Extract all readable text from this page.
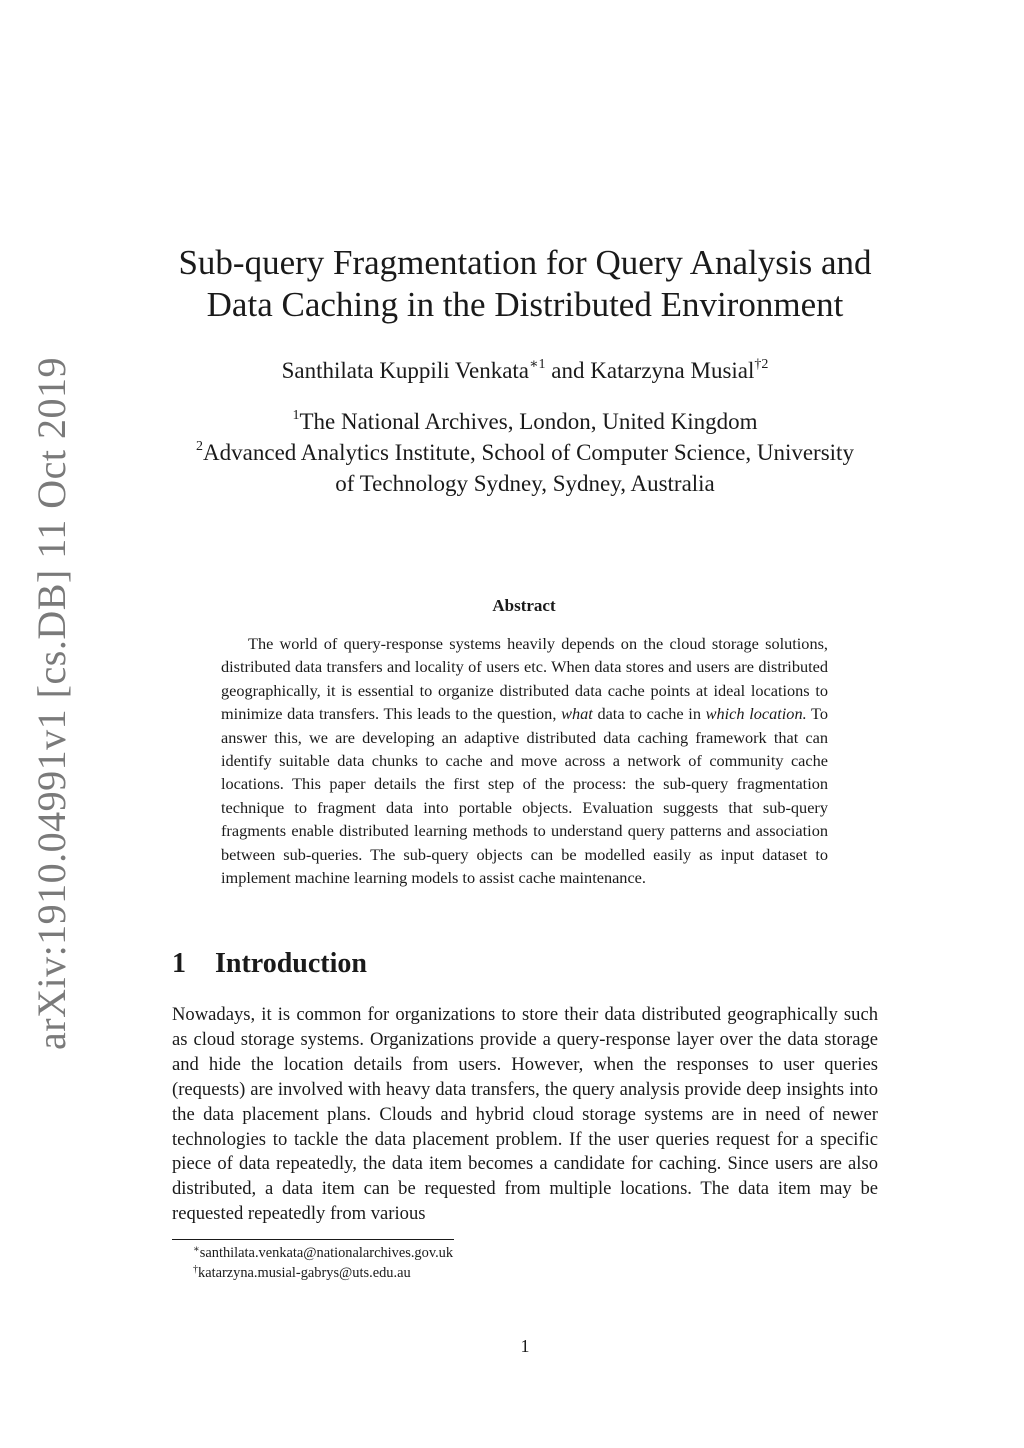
arXiv:1910.04991v1 [cs.DB] 11 Oct 2019
Sub-query Fragmentation for Query Analysis and
Data Caching in the Distributed Environment
Santhilata Kuppili Venkata$^{∗1}$ and Katarzyna Musial$^{\dagger 2}$
$^1$The National Archives, London, United Kingdom
$^2$Advanced Analytics Institute, School of Computer Science, University
of Technology Sydney, Sydney, Australia
Abstract

The world of query-response systems heavily depends on the cloud storage solutions, distributed data transfers and locality of users etc. When data stores and users are distributed geographically, it is essential to organize distributed data cache points at ideal locations to minimize data transfers. This leads to the question, what data to cache in which location. To answer this, we are developing an adaptive distributed data caching framework that can identify suitable data chunks to cache and move across a network of community cache locations. This paper details the first step of the process: the sub-query fragmentation technique to fragment data into portable objects. Evaluation suggests that sub-query fragments enable distributed learning methods to understand query patterns and association between sub-queries. The sub-query objects can be modelled easily as input dataset to implement machine learning models to assist cache maintenance.

1 Introduction

Nowadays, it is common for organizations to store their data distributed geographically such as cloud storage systems. Organizations provide a query-response layer over the data storage and hide the location details from users. However, when the responses to user queries (requests) are involved with heavy data transfers, the query analysis provide deep insights into the data placement plans. Clouds and hybrid cloud storage systems are in need of newer technologies to tackle the data placement problem. If the user queries request for a specific piece of data repeatedly, the data item becomes a candidate for caching. Since users are also distributed, a data item can be requested from multiple locations. The data item may be requested repeatedly from various

∗santhilata.venkata@nationalarchives.gov.uk
†katarzyna.musial-gabrys@uts.edu.au
1
